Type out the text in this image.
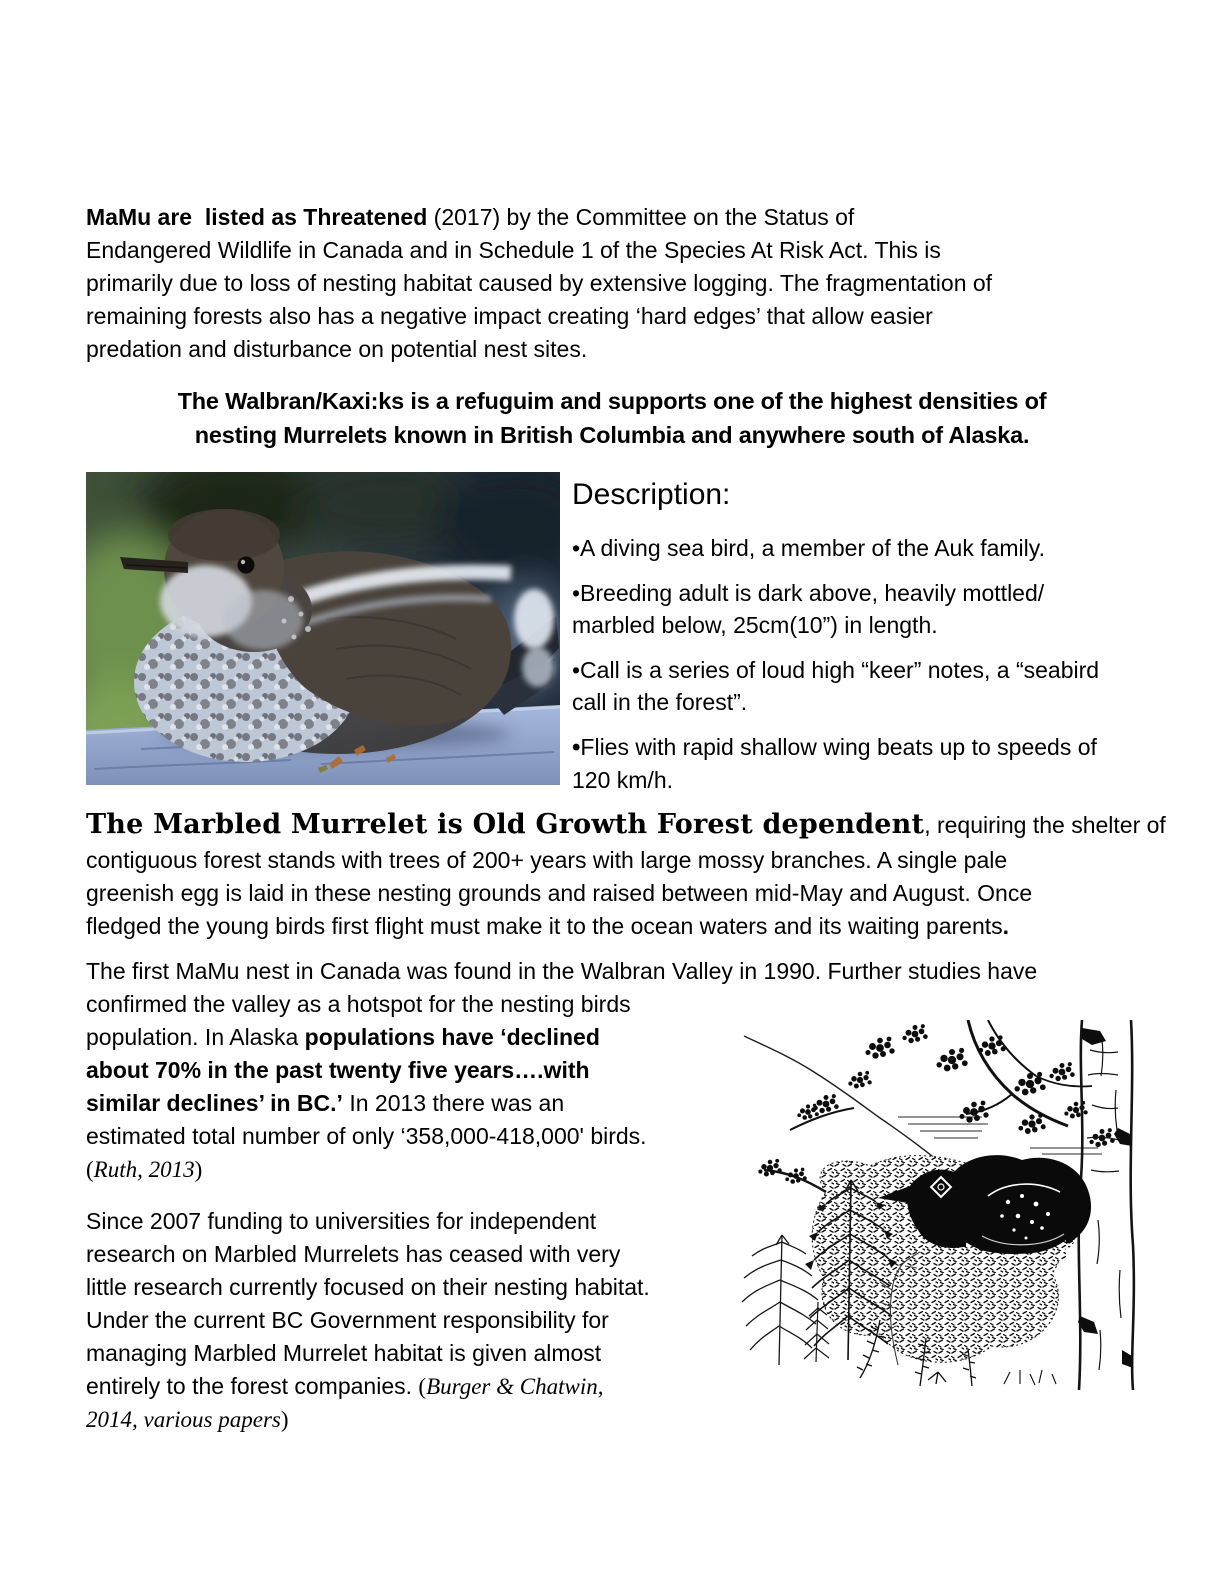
MaMu are  listed as Threatened (2017) by the Committee on the Status of
Endangered Wildlife in Canada and in Schedule 1 of the Species At Risk Act. This is
primarily due to loss of nesting habitat caused by extensive logging. The fragmentation of
remaining forests also has a negative impact creating ‘hard edges’ that allow easier
predation and disturbance on potential nest sites.
The Walbran/Kaxi:ks is a refuguim and supports one of the highest densities of
nesting Murrelets known in British Columbia and anywhere south of Alaska.
Description:
•A diving sea bird, a member of the Auk family.
•Breeding adult is dark above, heavily mottled/
marbled below, 25cm(10”) in length.
•Call is a series of loud high “keer” notes, a “seabird
call in the forest”.
•Flies with rapid shallow wing beats up to speeds of
120 km/h.
The Marbled Murrelet is Old Growth Forest dependent, requiring the shelter of
contiguous forest stands with trees of 200+ years with large mossy branches. A single pale
greenish egg is laid in these nesting grounds and raised between mid-May and August. Once
fledged the young birds first flight must make it to the ocean waters and its waiting parents.
The first MaMu nest in Canada was found in the Walbran Valley in 1990. Further studies have
confirmed the valley as a hotspot for the nesting birds
population. In Alaska populations have ‘declined
about 70% in the past twenty five years….with
similar declines’ in BC.’ In 2013 there was an
estimated total number of only ‘358,000-418,000' birds.
(Ruth, 2013)
Since 2007 funding to universities for independent
research on Marbled Murrelets has ceased with very
little research currently focused on their nesting habitat.
Under the current BC Government responsibility for
managing Marbled Murrelet habitat is given almost
entirely to the forest companies. (Burger & Chatwin,
2014, various papers)
